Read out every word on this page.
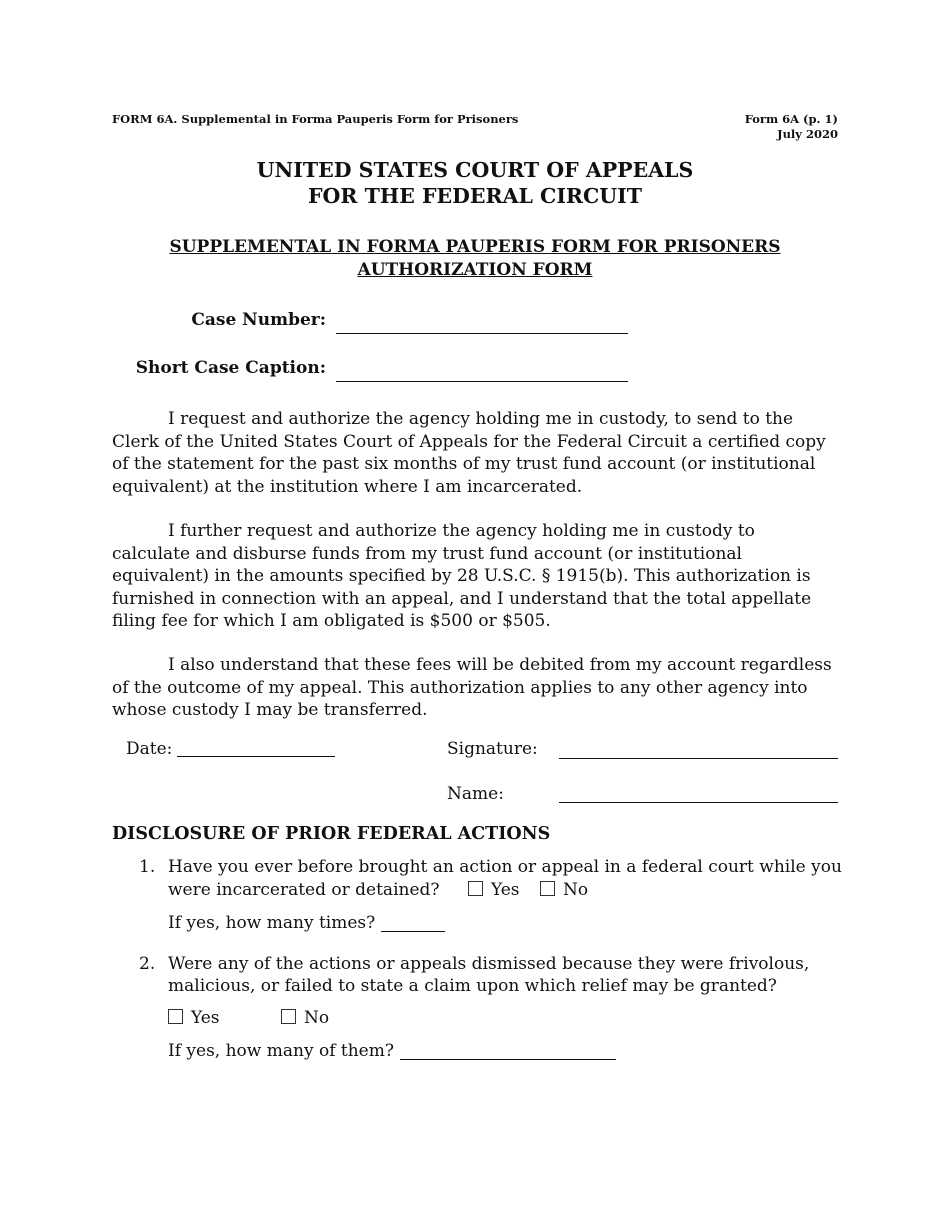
FORM 6A. Supplemental in Forma Pauperis Form for Prisoners	Form 6A (p. 1)
July 2020
UNITED STATES COURT OF APPEALS
FOR THE FEDERAL CIRCUIT
SUPPLEMENTAL IN FORMA PAUPERIS FORM FOR PRISONERS
AUTHORIZATION FORM
Case Number:
Short Case Caption:
I request and authorize the agency holding me in custody, to send to the Clerk of the United States Court of Appeals for the Federal Circuit a certified copy of the statement for the past six months of my trust fund account (or institutional equivalent) at the institution where I am incarcerated.
I further request and authorize the agency holding me in custody to calculate and disburse funds from my trust fund account (or institutional equivalent) in the amounts specified by 28 U.S.C. § 1915(b). This authorization is furnished in connection with an appeal, and I understand that the total appellate filing fee for which I am obligated is $500 or $505.
I also understand that these fees will be debited from my account regardless of the outcome of my appeal. This authorization applies to any other agency into whose custody I may be transferred.
Date:	Signature:
Name:
DISCLOSURE OF PRIOR FEDERAL ACTIONS
1. Have you ever before brought an action or appeal in a federal court while you
were incarcerated or detained?	Yes	No
If yes, how many times?
2. Were any of the actions or appeals dismissed because they were frivolous,
malicious, or failed to state a claim upon which relief may be granted?
Yes	No
If yes, how many of them?
